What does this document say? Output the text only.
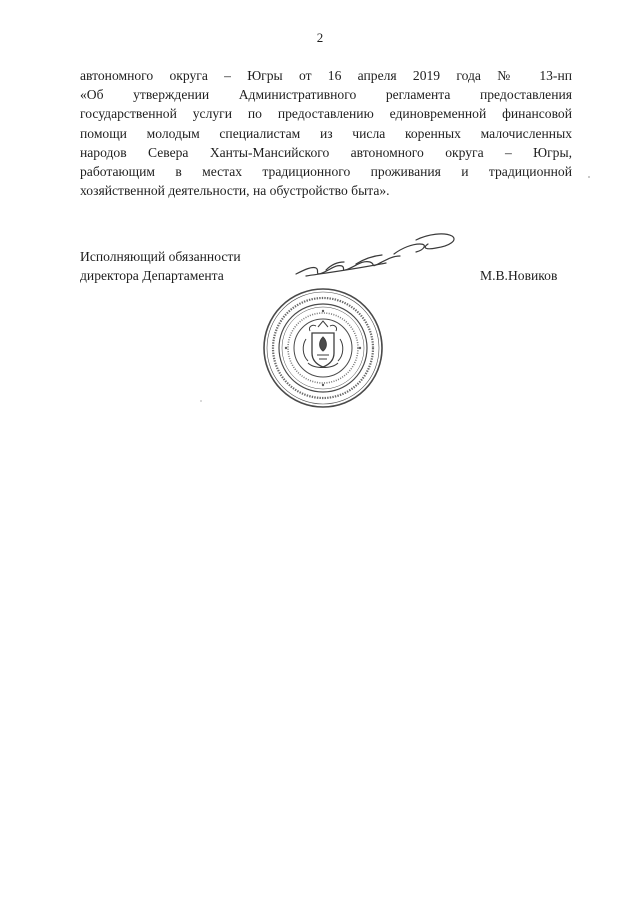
2
автономного округа – Югры от 16 апреля 2019 года № 13-нп
«Об утверждении Административного регламента предоставления
государственной услуги по предоставлению единовременной финансовой
помощи молодым специалистам из числа коренных малочисленных
народов Севера Ханты-Мансийского автономного округа – Югры,
работающим в местах традиционного проживания и традиционной
хозяйственной деятельности, на обустройство быта».
Исполняющий обязанности
директора Департамента	М.В.Новиков
